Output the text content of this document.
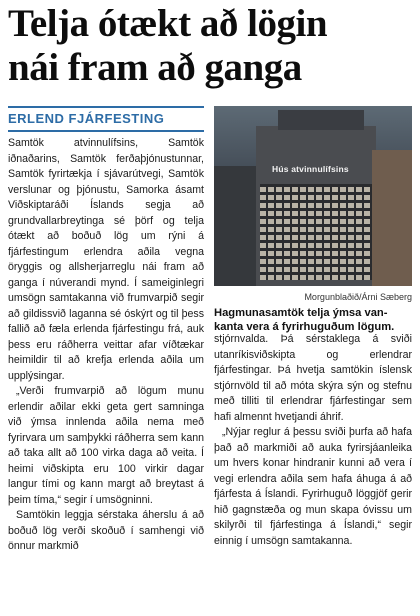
Telja ótækt að lögin
nái fram að ganga
ERLEND FJÁRFESTING

Samtök atvinnulífsins, Samtök iðnaðarins, Samtök ferðaþjónustunnar, Samtök fyrirtækja í sjávarútvegi, Samtök verslunar og þjónustu, Samorka ásamt Viðskiptaráði Íslands segja að grundvallarbreytinga sé þörf og telja ótækt að boðuð lög um rýni á fjárfestingum erlendra aðila vegna öryggis og allsherjarreglu nái fram að ganga í núverandi mynd. Í sameiginlegri umsögn samtakanna við frumvarpið segir að gildissvið laganna sé óskýrt og til þess fallið að fæla erlenda fjárfestingu frá, auk þess eru ráðherra veittar afar víðtækar heimildir til að krefja erlenda aðila um upplýsingar.

„Verði frumvarpið að lögum munu erlendir aðilar ekki geta gert samninga við ýmsa innlenda aðila nema með fyrirvara um samþykki ráðherra sem kann að taka allt að 100 virka daga að veita. Í heimi viðskipta eru 100 virkir dagar langur tími og kann margt að breytast á þeim tíma,“ segir í umsögninni.

Samtökin leggja sérstaka áherslu á að boðuð lög verði skoðuð í samhengi við önnur markmið

Hús atvinnulífsins
Morgunblaðið/Árni Sæberg
Hagmunasamtök telja ýmsa vankanta vera á fyrirhuguðum lögum.

stjórnvalda. Þá sérstaklega á sviði utanríkisviðskipta og erlendrar fjárfestingar. Þá hvetja samtökin íslensk stjórnvöld til að móta skýra sýn og stefnu með tilliti til erlendrar fjárfestingar sem hafi almennt hvetjandi áhrif.

„Nýjar reglur á þessu sviði þurfa að hafa það að markmiði að auka fyrirsjáanleika um hvers konar hindranir kunni að vera í vegi erlendra aðila sem hafa áhuga á að fjárfesta á Íslandi. Fyrirhuguð löggjöf gerir hið gagnstæða og mun skapa óvissu um skilyrði til fjárfestinga á Íslandi,“ segir einnig í umsögn samtakanna.
